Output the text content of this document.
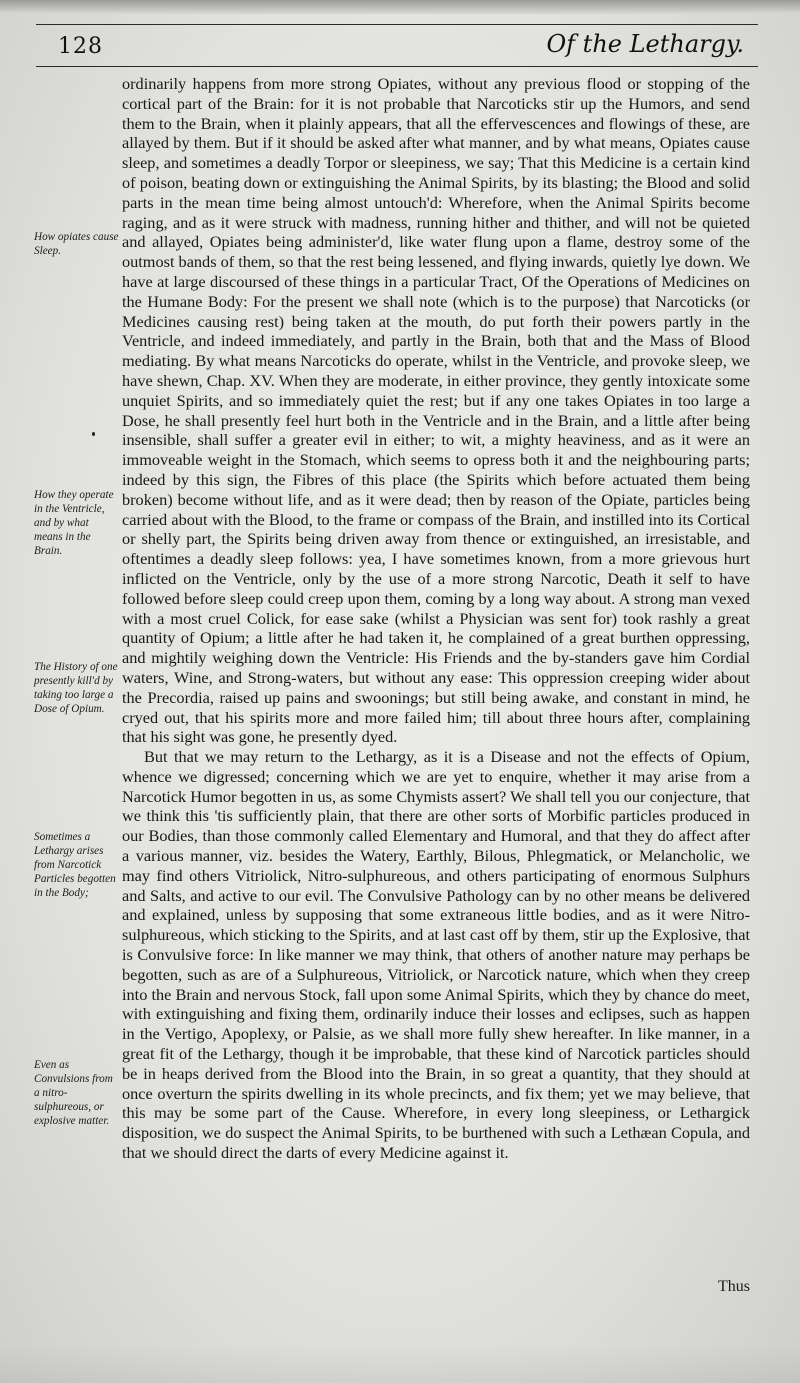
128	Of the Lethargy.
How opiates cause Sleep.
How they operate in the Ventricle, and by what means in the Brain.
The History of one presently kill'd by taking too large a Dose of Opium.
Sometimes a Lethargy arises from Narcotick Particles begotten in the Body;
Even as Convulsions from a nitro-sulphureous, or explosive matter.

ordinarily happens from more strong Opiates, without any previous flood or stopping of the cortical part of the Brain: for it is not probable that Narcoticks stir up the Humors, and send them to the Brain, when it plainly appears, that all the effervescences and flowings of these, are allayed by them. But if it should be asked after what manner, and by what means, Opiates cause sleep, and sometimes a deadly Torpor or sleepiness, we say; That this Medicine is a certain kind of poison, beating down or extinguishing the Animal Spirits, by its blasting; the Blood and solid parts in the mean time being almost untouch'd: Wherefore, when the Animal Spirits become raging, and as it were struck with madness, running hither and thither, and will not be quieted and allayed, Opiates being administer'd, like water flung upon a flame, destroy some of the outmost bands of them, so that the rest being lessened, and flying inwards, quietly lye down. We have at large discoursed of these things in a particular Tract, Of the Operations of Medicines on the Humane Body: For the present we shall note (which is to the purpose) that Narcoticks (or Medicines causing rest) being taken at the mouth, do put forth their powers partly in the Ventricle, and indeed immediately, and partly in the Brain, both that and the Mass of Blood mediating. By what means Narcoticks do operate, whilst in the Ventricle, and provoke sleep, we have shewn, Chap. XV. When they are moderate, in either province, they gently intoxicate some unquiet Spirits, and so immediately quiet the rest; but if any one takes Opiates in too large a Dose, he shall presently feel hurt both in the Ventricle and in the Brain, and a little after being insensible, shall suffer a greater evil in either; to wit, a mighty heaviness, and as it were an immoveable weight in the Stomach, which seems to opress both it and the neighbouring parts; indeed by this sign, the Fibres of this place (the Spirits which before actuated them being broken) become without life, and as it were dead; then by reason of the Opiate, particles being carried about with the Blood, to the frame or compass of the Brain, and instilled into its Cortical or shelly part, the Spirits being driven away from thence or extinguished, an irresistable, and oftentimes a deadly sleep follows: yea, I have sometimes known, from a more grievous hurt inflicted on the Ventricle, only by the use of a more strong Narcotic, Death it self to have followed before sleep could creep upon them, coming by a long way about. A strong man vexed with a most cruel Colick, for ease sake (whilst a Physician was sent for) took rashly a great quantity of Opium; a little after he had taken it, he complained of a great burthen oppressing, and mightily weighing down the Ventricle: His Friends and the by-standers gave him Cordial waters, Wine, and Strong-waters, but without any ease: This oppression creeping wider about the Precordia, raised up pains and swoonings; but still being awake, and constant in mind, he cryed out, that his spirits more and more failed him; till about three hours after, complaining that his sight was gone, he presently dyed.

But that we may return to the Lethargy, as it is a Disease and not the effects of Opium, whence we digressed; concerning which we are yet to enquire, whether it may arise from a Narcotick Humor begotten in us, as some Chymists assert? We shall tell you our conjecture, that we think this 'tis sufficiently plain, that there are other sorts of Morbific particles produced in our Bodies, than those commonly called Elementary and Humoral, and that they do affect after a various manner, viz. besides the Watery, Earthly, Bilous, Phlegmatick, or Melancholic, we may find others Vitriolick, Nitro-sulphureous, and others participating of enormous Sulphurs and Salts, and active to our evil. The Convulsive Pathology can by no other means be delivered and explained, unless by supposing that some extraneous little bodies, and as it were Nitro-sulphureous, which sticking to the Spirits, and at last cast off by them, stir up the Explosive, that is Convulsive force: In like manner we may think, that others of another nature may perhaps be begotten, such as are of a Sulphureous, Vitriolick, or Narcotick nature, which when they creep into the Brain and nervous Stock, fall upon some Animal Spirits, which they by chance do meet, with extinguishing and fixing them, ordinarily induce their losses and eclipses, such as happen in the Vertigo, Apoplexy, or Palsie, as we shall more fully shew hereafter. In like manner, in a great fit of the Lethargy, though it be improbable, that these kind of Narcotick particles should be in heaps derived from the Blood into the Brain, in so great a quantity, that they should at once overturn the spirits dwelling in its whole precincts, and fix them; yet we may believe, that this may be some part of the Cause. Wherefore, in every long sleepiness, or Lethargick disposition, we do suspect the Animal Spirits, to be burthened with such a Lethæan Copula, and that we should direct the darts of every Medicine against it.

Thus
